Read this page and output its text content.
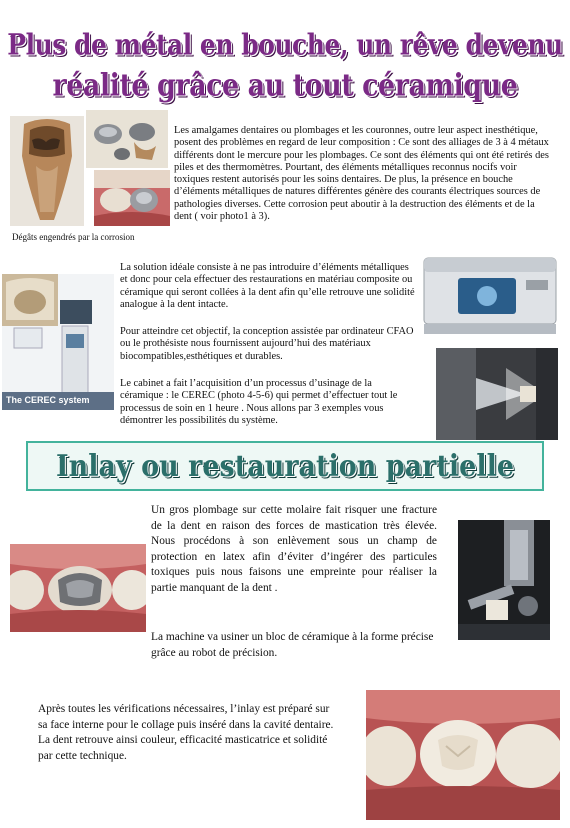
Plus de métal en bouche, un rêve devenu
réalité grâce au tout céramique
Dégâts engendrés par la corrosion
Les amalgames dentaires ou plombages et les couronnes, outre leur aspect inesthétique, posent des problèmes en regard de leur composition : Ce sont des alliages de 3 à 4 métaux différents dont le mercure pour les plombages. Ce sont des éléments qui ont été retirés des piles et des thermomètres. Pourtant, des éléments métalliques reconnus nocifs voir toxiques restent autorisés pour les soins dentaires. De plus, la présence en bouche d’éléments métalliques de natures différentes génère des courants électriques sources de pathologies diverses. Cette corrosion peut aboutir à la destruction des éléments et de la dent ( voir photo1 à 3).
The CEREC system
La solution idéale consiste à ne pas introduire d’éléments métalliques et donc pour cela effectuer des restaurations en matériau composite ou céramique qui seront collées à la dent afin qu’elle retrouve une solidité analogue à la dent intacte.
Pour atteindre cet objectif, la conception assistée par ordinateur CFAO ou le prothésiste nous fournissent aujourd’hui des matériaux biocompatibles,esthétiques et durables.
Le cabinet a fait l’acquisition d’un processus d’usinage de la céramique : le CEREC (photo 4-5-6) qui permet d’effectuer tout le processus de soin en 1 heure . Nous allons par 3 exemples vous démontrer les possibilités du système.
Inlay ou restauration partielle
Un gros plombage sur cette molaire fait risquer une fracture de la dent en raison des forces de mastication très élevée. Nous procédons à son enlèvement sous un champ de protection en latex afin d’éviter d’ingérer des particules toxiques puis nous faisons une empreinte pour réaliser la partie manquant de la dent .
La machine va usiner un bloc de céramique à la forme précise grâce au robot de précision.
Après toutes les vérifications nécessaires, l’inlay est préparé sur sa face interne pour le collage puis inséré dans la cavité dentaire. La dent retrouve ainsi couleur, efficacité masticatrice et solidité par cette technique.
